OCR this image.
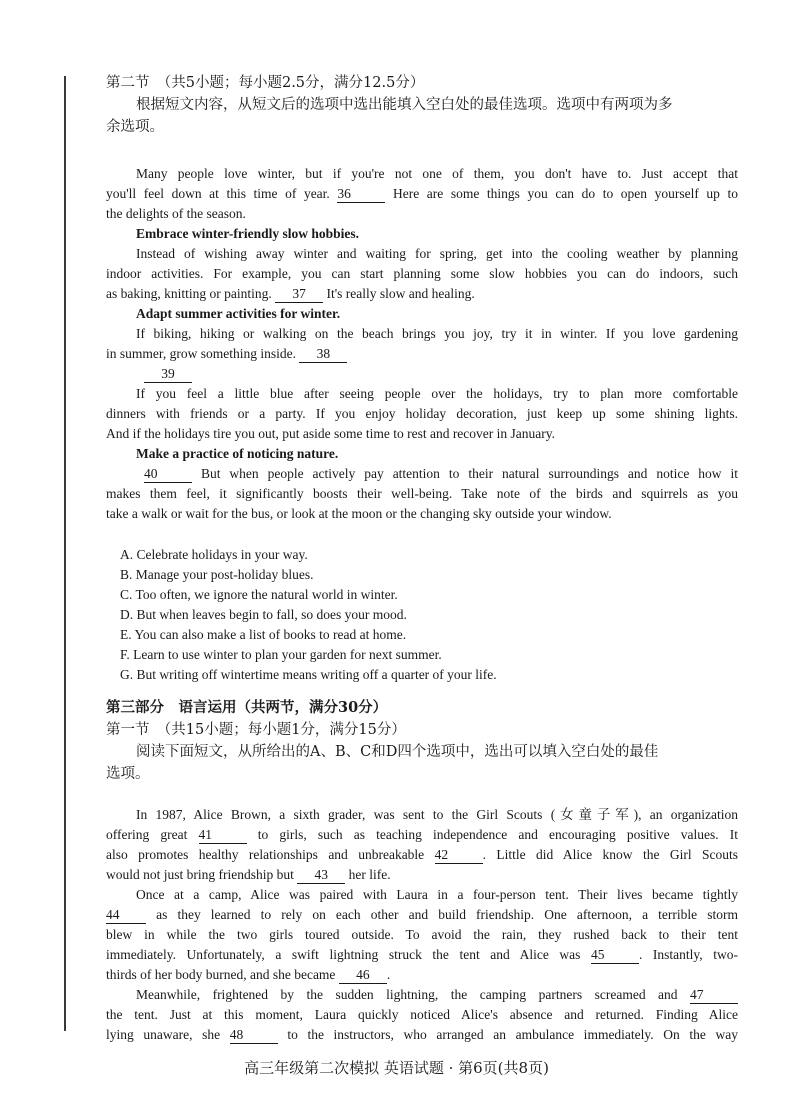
第二节　（共5小题；每小题2.5分，满分12.5分）
根据短文内容，从短文后的选项中选出能填入空白处的最佳选项。选项中有两项为多
余选项。
Many people love winter, but if you're not one of them, you don't have to. Just accept that
you'll feel down at this time of year. 36	Here are some things you can do to open yourself up to
the delights of the season.
Embrace winter-friendly slow hobbies.
Instead of wishing away winter and waiting for spring, get into the cooling weather by planning
indoor activities. For example, you can start planning some slow hobbies you can do indoors, such
as baking, knitting or painting. 37 It's really slow and healing.
Adapt summer activities for winter.
If biking, hiking or walking on the beach brings you joy, try it in winter. If you love gardening
in summer, grow something inside. 38
39
If you feel a little blue after seeing people over the holidays, try to plan more comfortable
dinners with friends or a party. If you enjoy holiday decoration, just keep up some shining lights.
And if the holidays tire you out, put aside some time to rest and recover in January.
Make a practice of noticing nature.
40	But when people actively pay attention to their natural surroundings and notice how it
makes them feel, it significantly boosts their well-being. Take note of the birds and squirrels as you
take a walk or wait for the bus, or look at the moon or the changing sky outside your window.
A. Celebrate holidays in your way.
B. Manage your post-holiday blues.
C. Too often, we ignore the natural world in winter.
D. But when leaves begin to fall, so does your mood.
E. You can also make a list of books to read at home.
F. Learn to use winter to plan your garden for next summer.
G. But writing off wintertime means writing off a quarter of your life.
第三部分　语言运用（共两节，满分30分）
第一节　（共15小题；每小题1分，满分15分）
阅读下面短文，从所给出的A、B、C和D四个选项中，选出可以填入空白处的最佳
选项。
In 1987, Alice Brown, a sixth grader, was sent to the Girl Scouts (女童子军), an organization
offering great 41	to girls, such as teaching independence and encouraging positive values. It
also promotes healthy relationships and unbreakable 42	. Little did Alice know the Girl Scouts
would not just bring friendship but 43 her life.
Once at a camp, Alice was paired with Laura in a four-person tent. Their lives became tightly
44	as they learned to rely on each other and build friendship. One afternoon, a terrible storm
blew in while the two girls toured outside. To avoid the rain, they rushed back to their tent
immediately. Unfortunately, a swift lightning struck the tent and Alice was 45	. Instantly, two-
thirds of her body burned, and she became 46 .
Meanwhile, frightened by the sudden lightning, the camping partners screamed and 47
the tent. Just at this moment, Laura quickly noticed Alice's absence and returned. Finding Alice
lying unaware, she 48	to the instructors, who arranged an ambulance immediately. On the way
高三年级第二次模拟 英语试题 · 第6页(共8页)
